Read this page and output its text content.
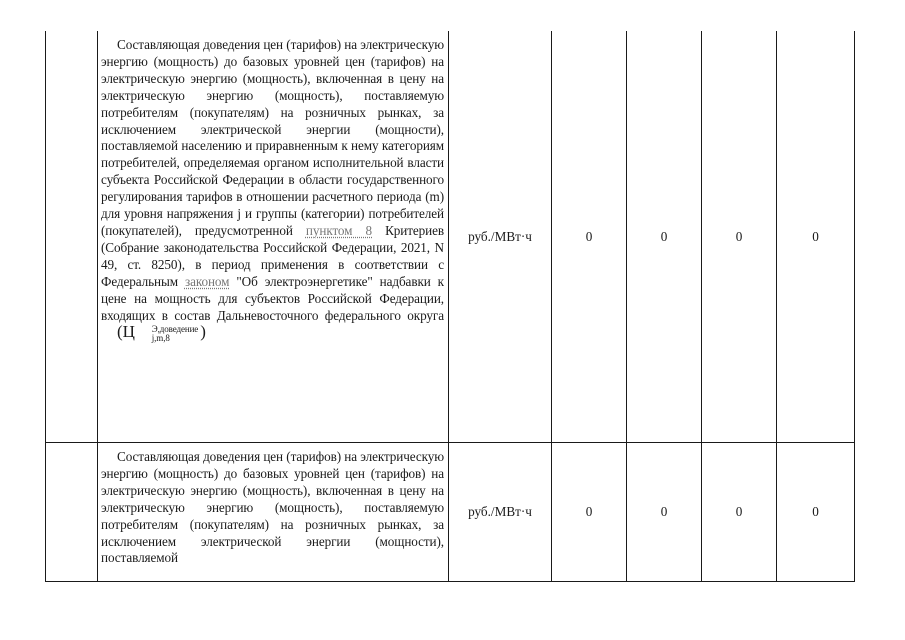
	Составляющая доведения цен (тарифов) на электрическую энергию (мощность) до базовых уровней цен (тарифов) на электрическую энергию (мощность), включенная в цену на электрическую энергию (мощность), поставляемую потребителям (покупателям) на розничных рынках, за исключением электрической энергии (мощности), поставляемой населению и приравненным к нему категориям потребителей, определяемая органом исполнительной власти субъекта Российской Федерации в области государственного регулирования тарифов в отношении расчетного периода (m) для уровня напряжения j и группы (категории) потребителей (покупателей), предусмотренной пунктом 8 Критериев (Собрание законодательства Российской Федерации, 2021, N 49, ст. 8250), в период применения в соответствии с Федеральным законом "Об электроэнергетике" надбавки к цене на мощность для субъектов Российской Федерации, входящих в состав Дальневосточного федерального округа (Ц Э,доведение
j,m,8 )	руб./МВт·ч	0	0	0	0

	Составляющая доведения цен (тарифов) на электрическую энергию (мощность) до базовых уровней цен (тарифов) на электрическую энергию (мощность), включенная в цену на электрическую энергию (мощность), поставляемую потребителям (покупателям) на розничных рынках, за исключением электрической энергии (мощности), поставляемой	руб./МВт·ч	0	0	0	0
